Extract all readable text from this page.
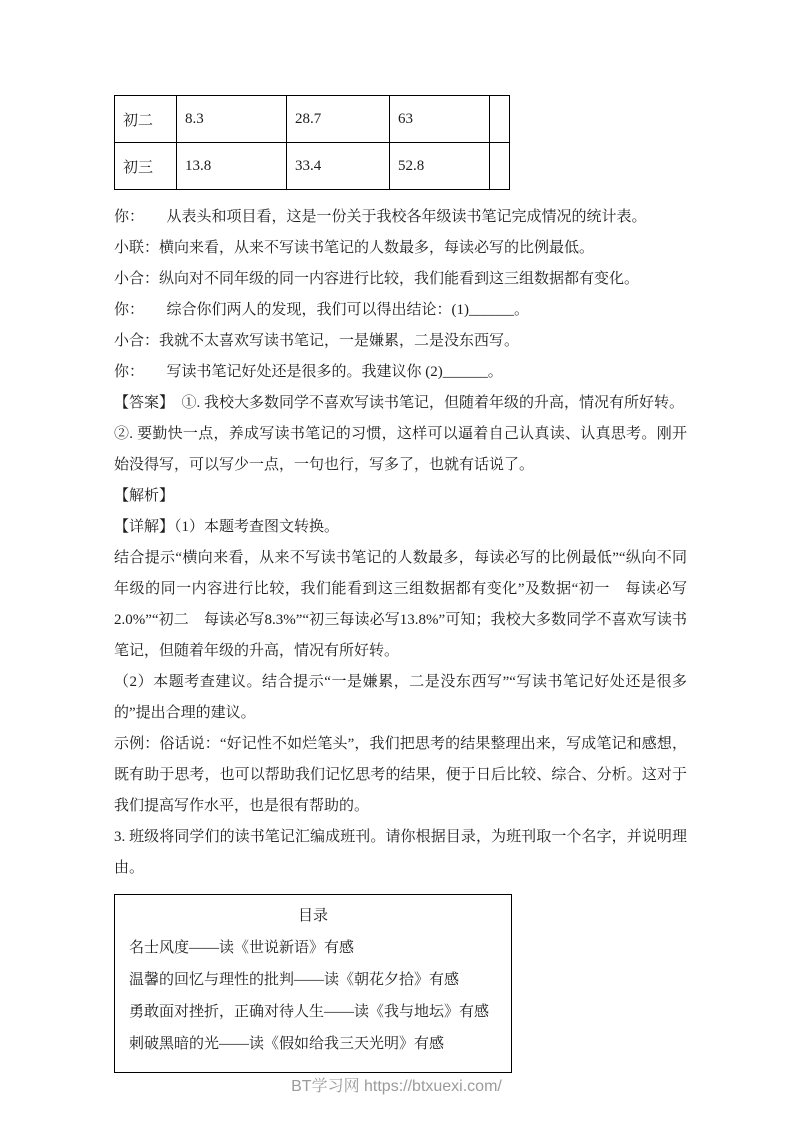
初二	8.3	28.7	63	
初三	13.8	33.4	52.8	

你：　　从表头和项目看，这是一份关于我校各年级读书笔记完成情况的统计表。

小联：横向来看，从来不写读书笔记的人数最多，每读必写的比例最低。

小合：纵向对不同年级的同一内容进行比较，我们能看到这三组数据都有变化。

你：　　综合你们两人的发现，我们可以得出结论：(1)______。

小合：我就不太喜欢写读书笔记，一是嫌累，二是没东西写。

你：　　写读书笔记好处还是很多的。我建议你 (2)______。

【答案】　①. 我校大多数同学不喜欢写读书笔记，但随着年级的升高，情况有所好转。

②. 要勤快一点，养成写读书笔记的习惯，这样可以逼着自己认真读、认真思考。刚开始没得写，可以写少一点，一句也行，写多了，也就有话说了。

【解析】

【详解】（1）本题考查图文转换。

结合提示“横向来看，从来不写读书笔记的人数最多，每读必写的比例最低”“纵向不同年级的同一内容进行比较，我们能看到这三组数据都有变化”及数据“初一　每读必写2.0%”“初二　每读必写8.3%”“初三每读必写13.8%”可知；我校大多数同学不喜欢写读书笔记，但随着年级的升高，情况有所好转。

（2）本题考查建议。结合提示“一是嫌累，二是没东西写”“写读书笔记好处还是很多的”提出合理的建议。

示例：俗话说：“好记性不如烂笔头”，我们把思考的结果整理出来，写成笔记和感想，既有助于思考，也可以帮助我们记忆思考的结果，便于日后比较、综合、分析。这对于我们提高写作水平，也是很有帮助的。

3. 班级将同学们的读书笔记汇编成班刊。请你根据目录，为班刊取一个名字，并说明理由。

目录
名士风度——读《世说新语》有感
温馨的回忆与理性的批判——读《朝花夕拾》有感
勇敢面对挫折，正确对待人生——读《我与地坛》有感
刺破黑暗的光——读《假如给我三天光明》有感
BT学习网 https://btxuexi.com/
